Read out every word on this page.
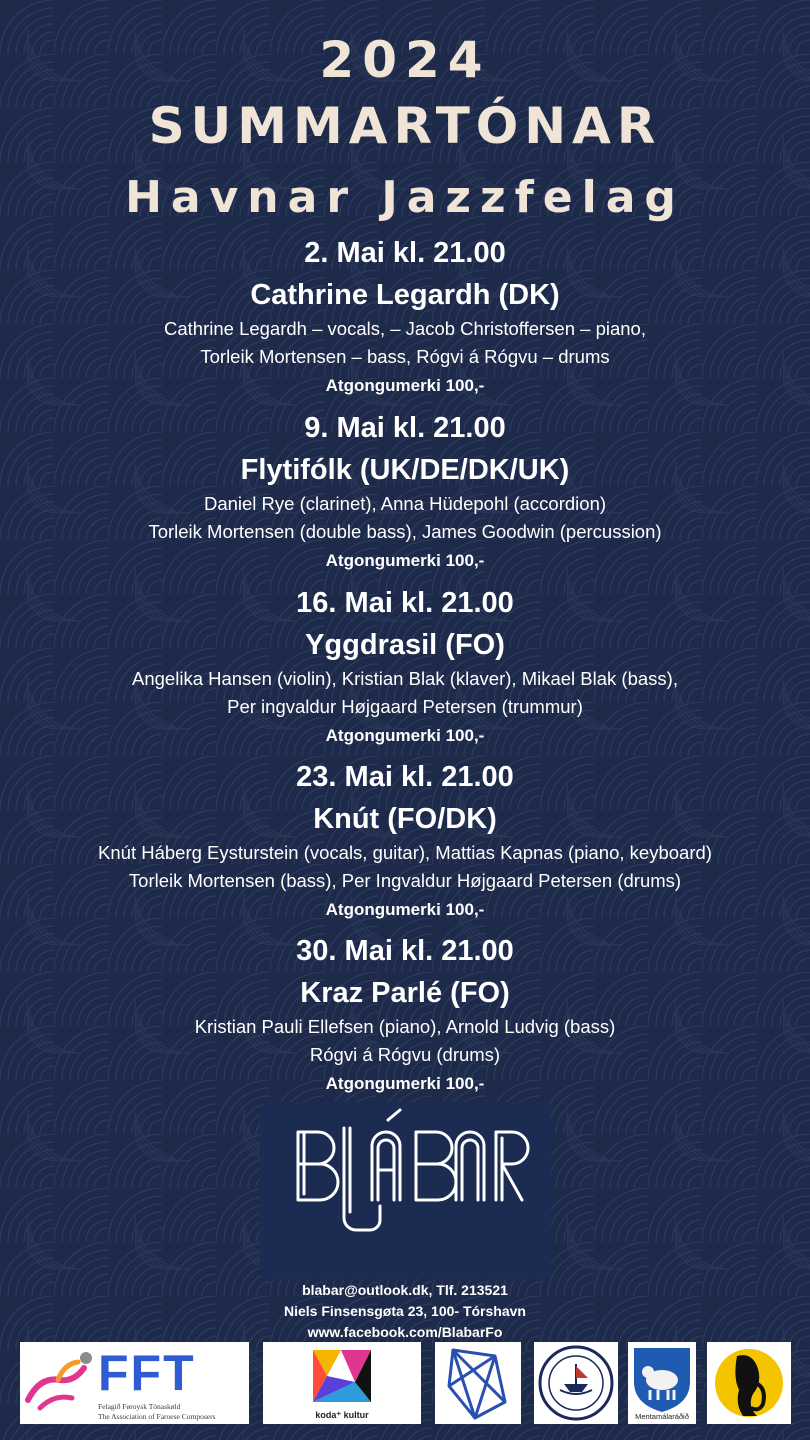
2024
SUMMARTÓNAR
Havnar Jazzfelag
2. Mai kl. 21.00
Cathrine Legardh (DK)
Cathrine Legardh – vocals, – Jacob Christoffersen – piano,
Torleik Mortensen – bass, Rógvi á Rógvu – drums
Atgongumerki 100,-
9. Mai kl. 21.00
Flytifólk (UK/DE/DK/UK)
Daniel Rye (clarinet), Anna Hüdepohl (accordion)
Torleik Mortensen (double bass), James Goodwin (percussion)
Atgongumerki 100,-
16. Mai kl. 21.00
Yggdrasil (FO)
Angelika Hansen (violin), Kristian Blak (klaver), Mikael Blak (bass),
Per ingvaldur Højgaard Petersen (trummur)
Atgongumerki 100,-
23. Mai kl. 21.00
Knút (FO/DK)
Knút Háberg Eysturstein (vocals, guitar), Mattias Kapnas (piano, keyboard)
Torleik Mortensen (bass), Per Ingvaldur Højgaard Petersen (drums)
Atgongumerki 100,-
30. Mai kl. 21.00
Kraz Parlé (FO)
Kristian Pauli Ellefsen (piano), Arnold Ludvig (bass)
Rógvi á Rógvu (drums)
Atgongumerki 100,-
blabar@outlook.dk, Tlf. 213521
Niels Finsensgøta 23, 100- Tórshavn
www.facebook.com/BlabarFo
FFT
Felagið Føroysk Tónaskøld
The Association of Faroese Composers	koda⁺ kultur	Mentamálaráðið
